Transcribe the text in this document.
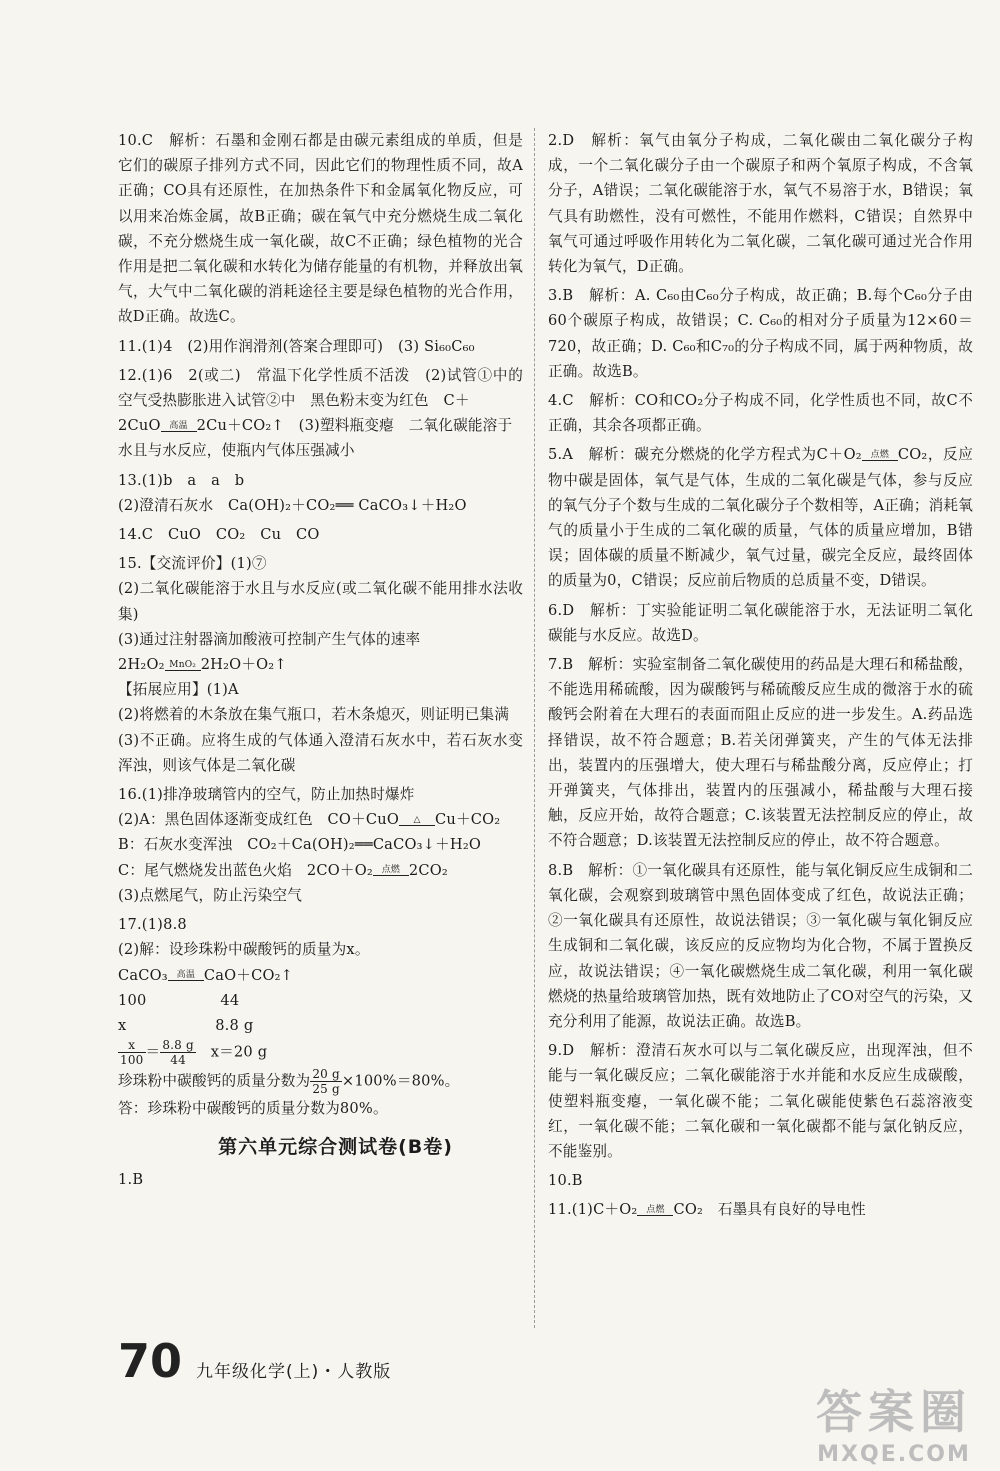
10.C　解析：石墨和金刚石都是由碳元素组成的单质，但是它们的碳原子排列方式不同，因此它们的物理性质不同，故A正确；CO具有还原性，在加热条件下和金属氧化物反应，可以用来冶炼金属，故B正确；碳在氧气中充分燃烧生成二氧化碳，不充分燃烧生成一氧化碳，故C不正确；绿色植物的光合作用是把二氧化碳和水转化为储存能量的有机物，并释放出氧气，大气中二氧化碳的消耗途径主要是绿色植物的光合作用，故D正确。故选C。

11.(1)4　(2)用作润滑剂(答案合理即可)　(3) Si₆₀C₆₀

12.(1)6　2(或二)　常温下化学性质不活泼　(2)试管①中的空气受热膨胀进入试管②中　黑色粉末变为红色　C＋

2CuO 高温 2Cu＋CO₂↑　(3)塑料瓶变瘪　二氧化碳能溶于

水且与水反应，使瓶内气体压强减小

13.(1)b　a　a　b

(2)澄清石灰水　Ca(OH)₂＋CO₂══ CaCO₃↓＋H₂O

14.C　CuO　CO₂　Cu　CO

15.【交流评价】(1)⑦

(2)二氧化碳能溶于水且与水反应(或二氧化碳不能用排水法收集)

(3)通过注射器滴加酸液可控制产生气体的速率

2H₂O₂ MnO₂ 2H₂O＋O₂↑

【拓展应用】(1)A

(2)将燃着的木条放在集气瓶口，若木条熄灭，则证明已集满

(3)不正确。应将生成的气体通入澄清石灰水中，若石灰水变浑浊，则该气体是二氧化碳

16.(1)排净玻璃管内的空气，防止加热时爆炸

(2)A：黑色固体逐渐变成红色　CO＋CuO	△ Cu＋CO₂

B：石灰水变浑浊　CO₂＋Ca(OH)₂══CaCO₃↓＋H₂O

C：尾气燃烧发出蓝色火焰　2CO＋O₂ 点燃 2CO₂

(3)点燃尾气，防止污染空气

17.(1)8.8

(2)解：设珍珠粉中碳酸钙的质量为x。

CaCO₃ 高温 CaO＋CO₂↑

100　　　　　44

x　　　　　　8.8 g

$\frac{x}{100} = \frac{8.8 g}{44}$ 　x＝20 g

珍珠粉中碳酸钙的质量分数为 $\frac{20 g}{25 g} \times 100\%=80\%$。

答：珍珠粉中碳酸钙的质量分数为80%。

第六单元综合测试卷(B卷)
1.B
2.D　解析：氧气由氧分子构成，二氧化碳由二氧化碳分子构成，一个二氧化碳分子由一个碳原子和两个氧原子构成，不含氧分子，A错误；二氧化碳能溶于水，氧气不易溶于水，B错误；氧气具有助燃性，没有可燃性，不能用作燃料，C错误；自然界中氧气可通过呼吸作用转化为二氧化碳，二氧化碳可通过光合作用转化为氧气，D正确。
3.B　解析：A. C₆₀由C₆₀分子构成，故正确；B.每个C₆₀分子由60个碳原子构成，故错误；C. C₆₀的相对分子质量为12×60＝720，故正确；D. C₆₀和C₇₀的分子构成不同，属于两种物质，故正确。故选B。
4.C　解析：CO和CO₂分子构成不同，化学性质也不同，故C不正确，其余各项都正确。
5.A　解析：碳充分燃烧的化学方程式为C＋O₂ 点燃 CO₂，反应物中碳是固体，氧气是气体，生成的二氧化碳是气体，参与反应的氧气分子个数与生成的二氧化碳分子个数相等，A正确；消耗氧气的质量小于生成的二氧化碳的质量，气体的质量应增加，B错误；固体碳的质量不断减少，氧气过量，碳完全反应，最终固体的质量为0，C错误；反应前后物质的总质量不变，D错误。
6.D　解析：丁实验能证明二氧化碳能溶于水，无法证明二氧化碳能与水反应。故选D。
7.B　解析：实验室制备二氧化碳使用的药品是大理石和稀盐酸，不能选用稀硫酸，因为碳酸钙与稀硫酸反应生成的微溶于水的硫酸钙会附着在大理石的表面而阻止反应的进一步发生。A.药品选择错误，故不符合题意；B.若关闭弹簧夹，产生的气体无法排出，装置内的压强增大，使大理石与稀盐酸分离，反应停止；打开弹簧夹，气体排出，装置内的压强减小，稀盐酸与大理石接触，反应开始，故符合题意；C.该装置无法控制反应的停止，故不符合题意；D.该装置无法控制反应的停止，故不符合题意。
8.B　解析：①一氧化碳具有还原性，能与氧化铜反应生成铜和二氧化碳，会观察到玻璃管中黑色固体变成了红色，故说法正确；②一氧化碳具有还原性，故说法错误；③一氧化碳与氧化铜反应生成铜和二氧化碳，该反应的反应物均为化合物，不属于置换反应，故说法错误；④一氧化碳燃烧生成二氧化碳，利用一氧化碳燃烧的热量给玻璃管加热，既有效地防止了CO对空气的污染，又充分利用了能源，故说法正确。故选B。
9.D　解析：澄清石灰水可以与二氧化碳反应，出现浑浊，但不能与一氧化碳反应；二氧化碳能溶于水并能和水反应生成碳酸，使塑料瓶变瘪，一氧化碳不能；二氧化碳能使紫色石蕊溶液变红，一氧化碳不能；二氧化碳和一氧化碳都不能与氯化钠反应，不能鉴别。
10.B
11.(1)C＋O₂ 点燃 CO₂　石墨具有良好的导电性
70 九年级化学(上)・人教版
答案圈
MXQE.COM
